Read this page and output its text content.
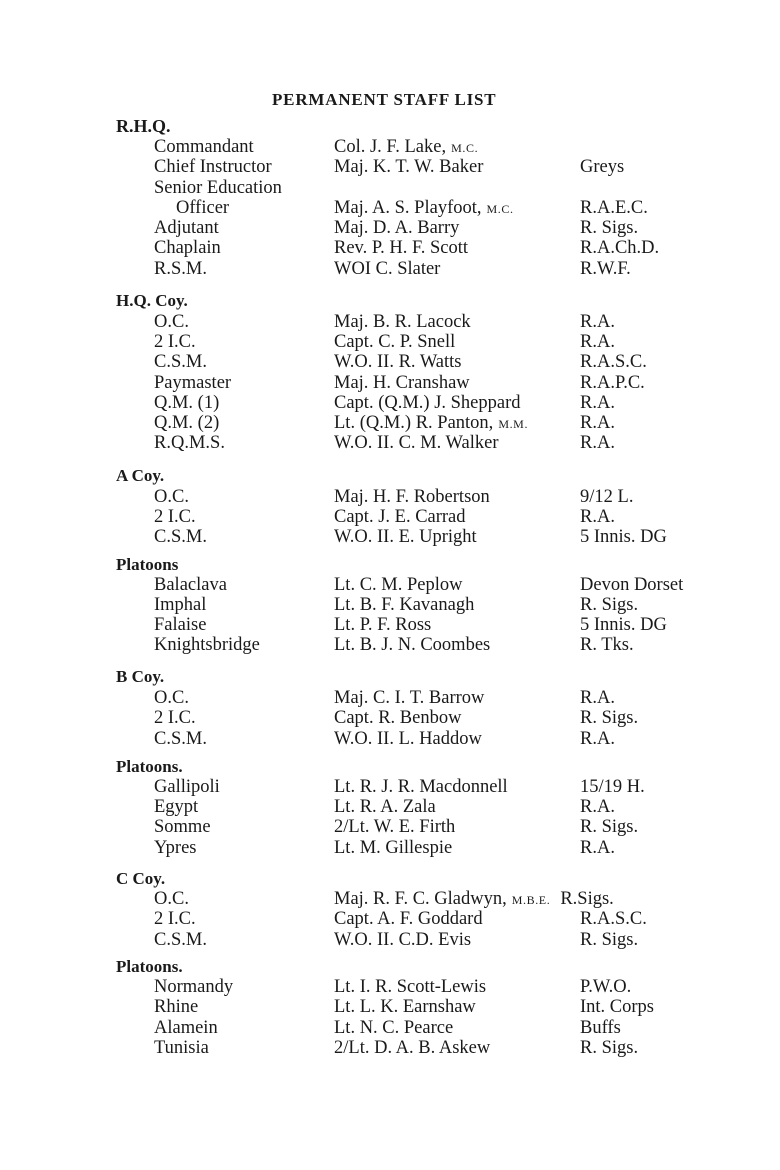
PERMANENT STAFF LIST
R.H.Q.
Commandant	Col. J. F. Lake, M.C.
Chief Instructor	Maj. K. T. W. Baker	Greys
Senior Education
Officer	Maj. A. S. Playfoot, M.C.	R.A.E.C.
Adjutant	Maj. D. A. Barry	R. Sigs.
Chaplain	Rev. P. H. F. Scott	R.A.Ch.D.
R.S.M.	WOI C. Slater	R.W.F.
H.Q. Coy.
O.C.	Maj. B. R. Lacock	R.A.
2 I.C.	Capt. C. P. Snell	R.A.
C.S.M.	W.O. II. R. Watts	R.A.S.C.
Paymaster	Maj. H. Cranshaw	R.A.P.C.
Q.M. (1)	Capt. (Q.M.) J. Sheppard	R.A.
Q.M. (2)	Lt. (Q.M.) R. Panton, M.M.	R.A.
R.Q.M.S.	W.O. II. C. M. Walker	R.A.
A Coy.
O.C.	Maj. H. F. Robertson	9/12 L.
2 I.C.	Capt. J. E. Carrad	R.A.
C.S.M.	W.O. II. E. Upright	5 Innis. DG
Platoons
Balaclava	Lt. C. M. Peplow	Devon Dorset
Imphal	Lt. B. F. Kavanagh	R. Sigs.
Falaise	Lt. P. F. Ross	5 Innis. DG
Knightsbridge	Lt. B. J. N. Coombes	R. Tks.
B Coy.
O.C.	Maj. C. I. T. Barrow	R.A.
2 I.C.	Capt. R. Benbow	R. Sigs.
C.S.M.	W.O. II. L. Haddow	R.A.
Platoons.
Gallipoli	Lt. R. J. R. Macdonnell	15/19 H.
Egypt	Lt. R. A. Zala	R.A.
Somme	2/Lt. W. E. Firth	R. Sigs.
Ypres	Lt. M. Gillespie	R.A.
C Coy.
O.C.	Maj. R. F. C. Gladwyn, M.B.E. R.Sigs.
2 I.C.	Capt. A. F. Goddard	R.A.S.C.
C.S.M.	W.O. II. C.D. Evis	R. Sigs.
Platoons.
Normandy	Lt. I. R. Scott-Lewis	P.W.O.
Rhine	Lt. L. K. Earnshaw	Int. Corps
Alamein	Lt. N. C. Pearce	Buffs
Tunisia	2/Lt. D. A. B. Askew	R. Sigs.
